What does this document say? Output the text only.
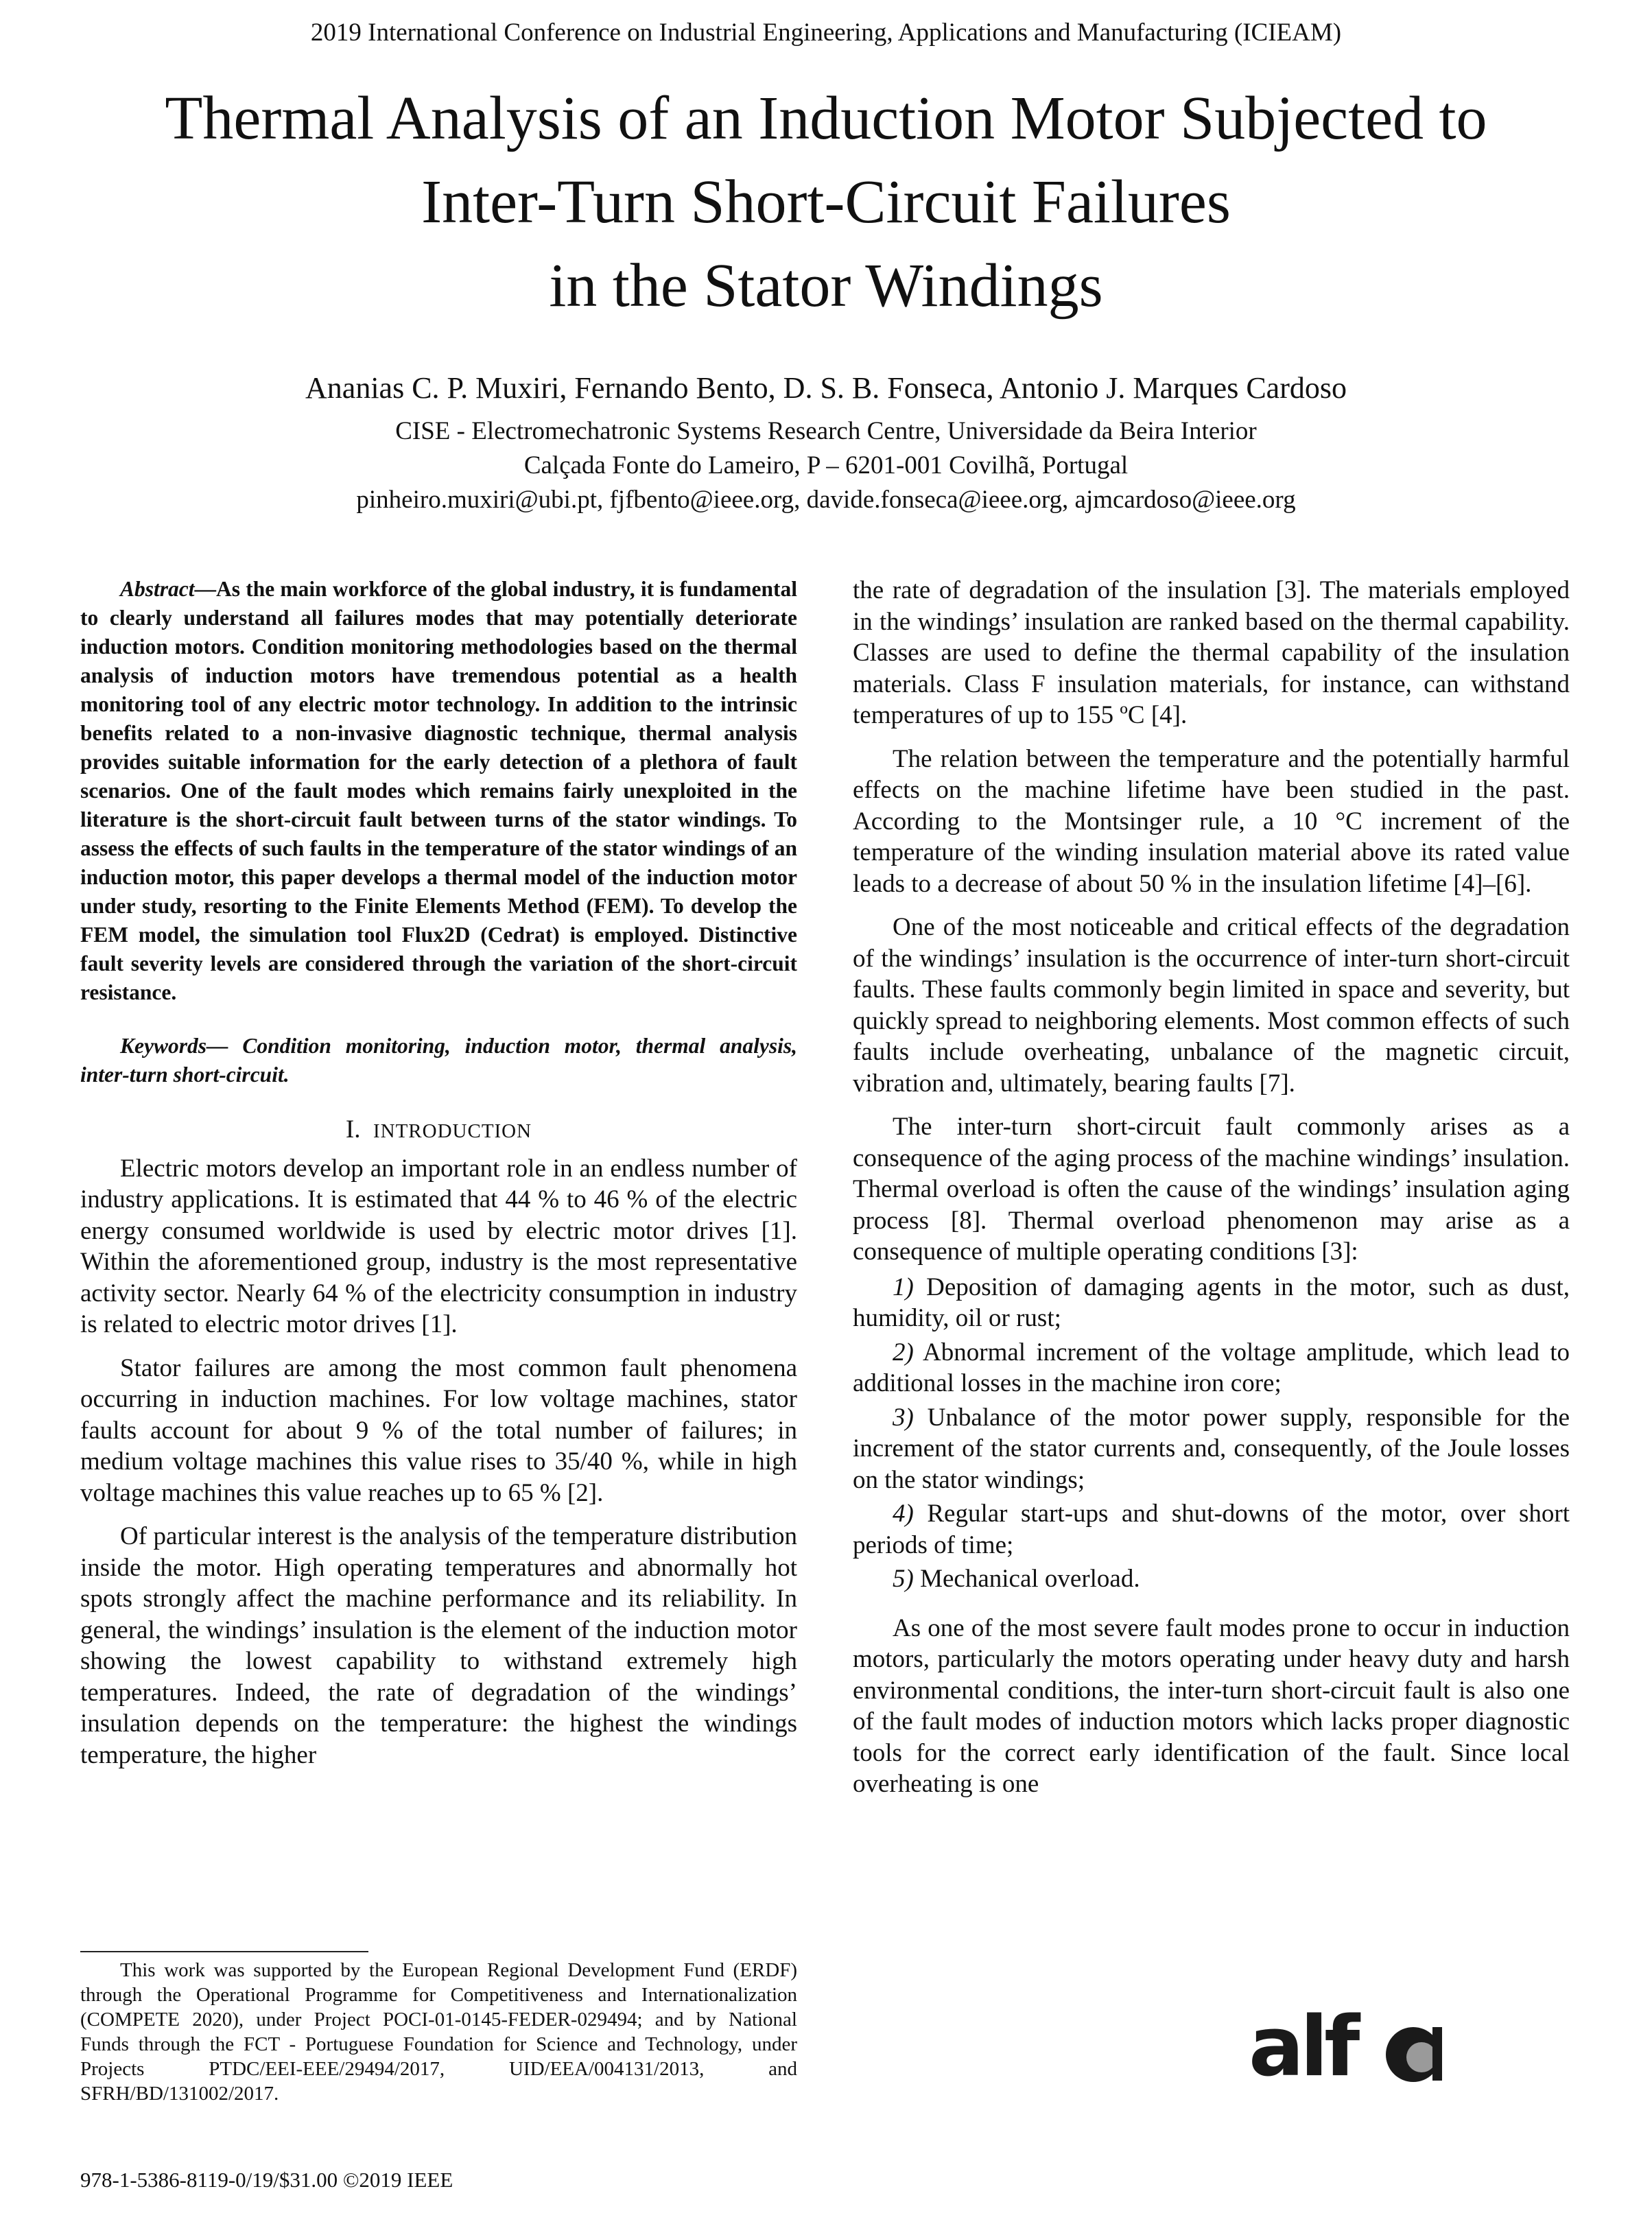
2019 International Conference on Industrial Engineering, Applications and Manufacturing (ICIEAM)
Thermal Analysis of an Induction Motor Subjected to
Inter-Turn Short-Circuit Failures
in the Stator Windings
Ananias C. P. Muxiri, Fernando Bento, D. S. B. Fonseca, Antonio J. Marques Cardoso
CISE - Electromechatronic Systems Research Centre, Universidade da Beira Interior
Calçada Fonte do Lameiro, P – 6201-001 Covilhã, Portugal
pinheiro.muxiri@ubi.pt, fjfbento@ieee.org, davide.fonseca@ieee.org, ajmcardoso@ieee.org

Abstract—As the main workforce of the global industry, it is fundamental to clearly understand all failures modes that may potentially deteriorate induction motors. Condition monitoring methodologies based on the thermal analysis of induction motors have tremendous potential as a health monitoring tool of any electric motor technology. In addition to the intrinsic benefits related to a non-invasive diagnostic technique, thermal analysis provides suitable information for the early detection of a plethora of fault scenarios. One of the fault modes which remains fairly unexploited in the literature is the short-circuit fault between turns of the stator windings. To assess the effects of such faults in the temperature of the stator windings of an induction motor, this paper develops a thermal model of the induction motor under study, resorting to the Finite Elements Method (FEM). To develop the FEM model, the simulation tool Flux2D (Cedrat) is employed. Distinctive fault severity levels are considered through the variation of the short-circuit resistance.

Keywords— Condition monitoring, induction motor, thermal analysis, inter-turn short-circuit.

I. INTRODUCTION

Electric motors develop an important role in an endless number of industry applications. It is estimated that 44 % to 46 % of the electric energy consumed worldwide is used by electric motor drives [1]. Within the aforementioned group, industry is the most representative activity sector. Nearly 64 % of the electricity consumption in industry is related to electric motor drives [1].

Stator failures are among the most common fault phenomena occurring in induction machines. For low voltage machines, stator faults account for about 9 % of the total number of failures; in medium voltage machines this value rises to 35/40 %, while in high voltage machines this value reaches up to 65 % [2].

Of particular interest is the analysis of the temperature distribution inside the motor. High operating temperatures and abnormally hot spots strongly affect the machine performance and its reliability. In general, the windings’ insulation is the element of the induction motor showing the lowest capability to withstand extremely high temperatures. Indeed, the rate of degradation of the windings’ insulation depends on the temperature: the highest the windings temperature, the higher

the rate of degradation of the insulation [3]. The materials employed in the windings’ insulation are ranked based on the thermal capability. Classes are used to define the thermal capability of the insulation materials. Class F insulation materials, for instance, can withstand temperatures of up to 155 ºC [4].

The relation between the temperature and the potentially harmful effects on the machine lifetime have been studied in the past. According to the Montsinger rule, a 10 °C increment of the temperature of the winding insulation material above its rated value leads to a decrease of about 50 % in the insulation lifetime [4]–[6].

One of the most noticeable and critical effects of the degradation of the windings’ insulation is the occurrence of inter-turn short-circuit faults. These faults commonly begin limited in space and severity, but quickly spread to neighboring elements. Most common effects of such faults include overheating, unbalance of the magnetic circuit, vibration and, ultimately, bearing faults [7].

The inter-turn short-circuit fault commonly arises as a consequence of the aging process of the machine windings’ insulation. Thermal overload is often the cause of the windings’ insulation aging process [8]. Thermal overload phenomenon may arise as a consequence of multiple operating conditions [3]:

1) Deposition of damaging agents in the motor, such as dust, humidity, oil or rust;

2) Abnormal increment of the voltage amplitude, which lead to additional losses in the machine iron core;

3) Unbalance of the motor power supply, responsible for the increment of the stator currents and, consequently, of the Joule losses on the stator windings;

4) Regular start-ups and shut-downs of the motor, over short periods of time;

5) Mechanical overload.

As one of the most severe fault modes prone to occur in induction motors, particularly the motors operating under heavy duty and harsh environmental conditions, the inter-turn short-circuit fault is also one of the fault modes of induction motors which lacks proper diagnostic tools for the correct early identification of the fault. Since local overheating is one

This work was supported by the European Regional Development Fund (ERDF) through the Operational Programme for Competitiveness and Internationalization (COMPETE 2020), under Project POCI-01-0145-FEDER-029494; and by National Funds through the FCT - Portuguese Foundation for Science and Technology, under Projects PTDC/EEI-EEE/29494/2017, UID/EEA/004131/2013, and SFRH/BD/131002/2017.	alf
978-1-5386-8119-0/19/$31.00 ©2019 IEEE
